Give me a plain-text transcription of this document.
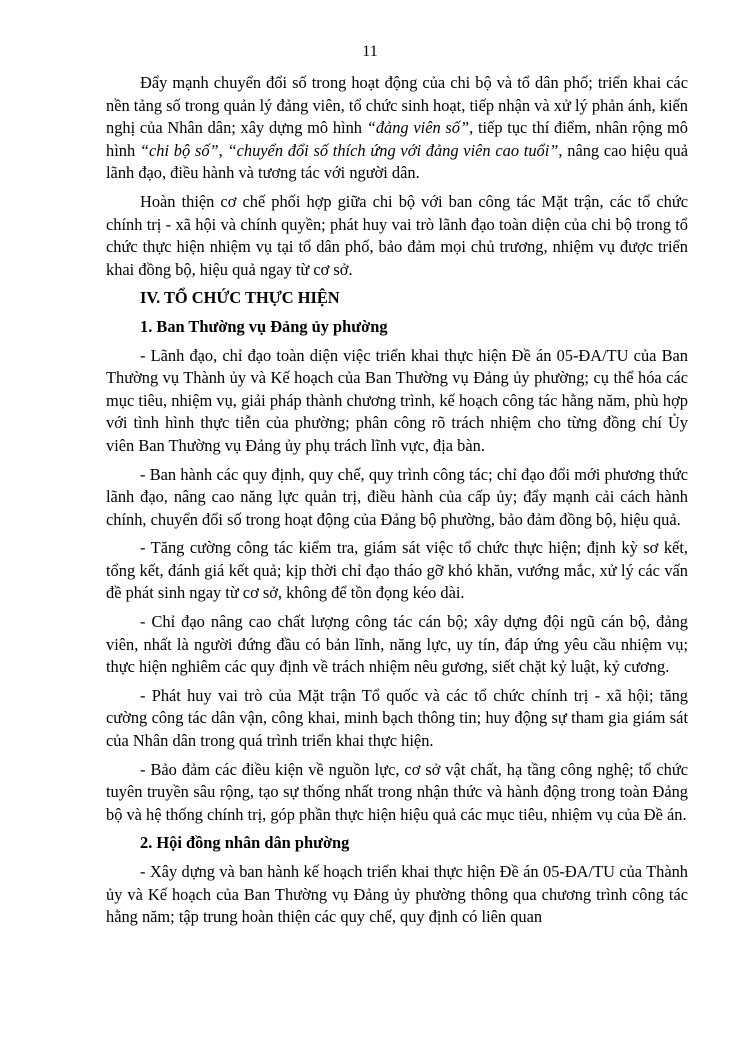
11

Đẩy mạnh chuyển đổi số trong hoạt động của chi bộ và tổ dân phố; triển khai các nền tảng số trong quản lý đảng viên, tổ chức sinh hoạt, tiếp nhận và xử lý phản ánh, kiến nghị của Nhân dân; xây dựng mô hình “đảng viên số”, tiếp tục thí điểm, nhân rộng mô hình “chi bộ số”, “chuyển đổi số thích ứng với đảng viên cao tuổi”, nâng cao hiệu quả lãnh đạo, điều hành và tương tác với người dân.

Hoàn thiện cơ chế phối hợp giữa chi bộ với ban công tác Mặt trận, các tổ chức chính trị - xã hội và chính quyền; phát huy vai trò lãnh đạo toàn diện của chi bộ trong tổ chức thực hiện nhiệm vụ tại tổ dân phố, bảo đảm mọi chủ trương, nhiệm vụ được triển khai đồng bộ, hiệu quả ngay từ cơ sở.

IV. TỔ CHỨC THỰC HIỆN
1. Ban Thường vụ Đảng ủy phường

- Lãnh đạo, chỉ đạo toàn diện việc triển khai thực hiện Đề án 05-ĐA/TU của Ban Thường vụ Thành ủy và Kế hoạch của Ban Thường vụ Đảng ủy phường; cụ thể hóa các mục tiêu, nhiệm vụ, giải pháp thành chương trình, kế hoạch công tác hằng năm, phù hợp với tình hình thực tiễn của phường; phân công rõ trách nhiệm cho từng đồng chí Ủy viên Ban Thường vụ Đảng ủy phụ trách lĩnh vực, địa bàn.

- Ban hành các quy định, quy chế, quy trình công tác; chỉ đạo đổi mới phương thức lãnh đạo, nâng cao năng lực quản trị, điều hành của cấp ủy; đẩy mạnh cải cách hành chính, chuyển đổi số trong hoạt động của Đảng bộ phường, bảo đảm đồng bộ, hiệu quả.

- Tăng cường công tác kiểm tra, giám sát việc tổ chức thực hiện; định kỳ sơ kết, tổng kết, đánh giá kết quả; kịp thời chỉ đạo tháo gỡ khó khăn, vướng mắc, xử lý các vấn đề phát sinh ngay từ cơ sở, không để tồn đọng kéo dài.

- Chỉ đạo nâng cao chất lượng công tác cán bộ; xây dựng đội ngũ cán bộ, đảng viên, nhất là người đứng đầu có bản lĩnh, năng lực, uy tín, đáp ứng yêu cầu nhiệm vụ; thực hiện nghiêm các quy định về trách nhiệm nêu gương, siết chặt kỷ luật, kỷ cương.

- Phát huy vai trò của Mặt trận Tổ quốc và các tổ chức chính trị - xã hội; tăng cường công tác dân vận, công khai, minh bạch thông tin; huy động sự tham gia giám sát của Nhân dân trong quá trình triển khai thực hiện.

- Bảo đảm các điều kiện về nguồn lực, cơ sở vật chất, hạ tầng công nghệ; tổ chức tuyên truyền sâu rộng, tạo sự thống nhất trong nhận thức và hành động trong toàn Đảng bộ và hệ thống chính trị, góp phần thực hiện hiệu quả các mục tiêu, nhiệm vụ của Đề án.

2. Hội đồng nhân dân phường

- Xây dựng và ban hành kế hoạch triển khai thực hiện Đề án 05-ĐA/TU của Thành ủy và Kế hoạch của Ban Thường vụ Đảng ủy phường thông qua chương trình công tác hằng năm; tập trung hoàn thiện các quy chế, quy định có liên quan
